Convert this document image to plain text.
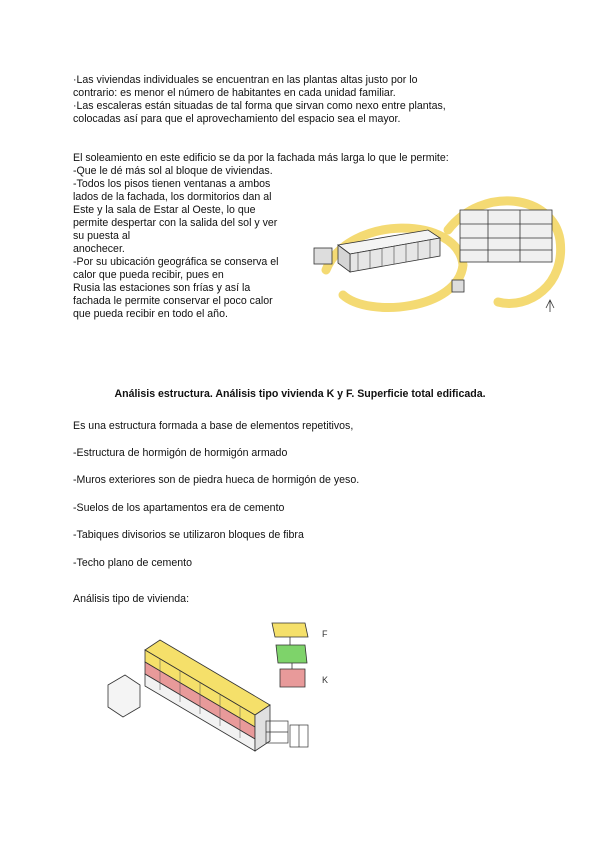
·Las viviendas individuales se encuentran en las plantas altas justo por lo
contrario: es menor el número de habitantes en cada unidad familiar.
·Las escaleras están situadas de tal forma que sirvan como nexo entre plantas,
colocadas así para que el aprovechamiento del espacio sea el mayor.
El soleamiento en este edificio se da por la fachada más larga lo que le permite:
-Que le dé más sol al bloque de viviendas.
-Todos los pisos tienen ventanas a ambos
lados de la fachada, los dormitorios dan al
Este y la sala de Estar al Oeste, lo que
permite despertar con la salida del sol y ver
su puesta al
anochecer.
-Por su ubicación geográfica se conserva el
calor que pueda recibir, pues en
Rusia las estaciones son frías y así la
fachada le permite conservar el poco calor
que pueda recibir en todo el año.
Análisis estructura. Análisis tipo vivienda K y F. Superficie total edificada.
Es una estructura formada a base de elementos repetitivos,
-Estructura de hormigón de hormigón armado
-Muros exteriores son de piedra hueca de hormigón de yeso.
-Suelos de los apartamentos era de cemento
-Tabiques divisorios se utilizaron bloques de fibra
-Techo plano de cemento
Análisis tipo de vivienda:
F
K
